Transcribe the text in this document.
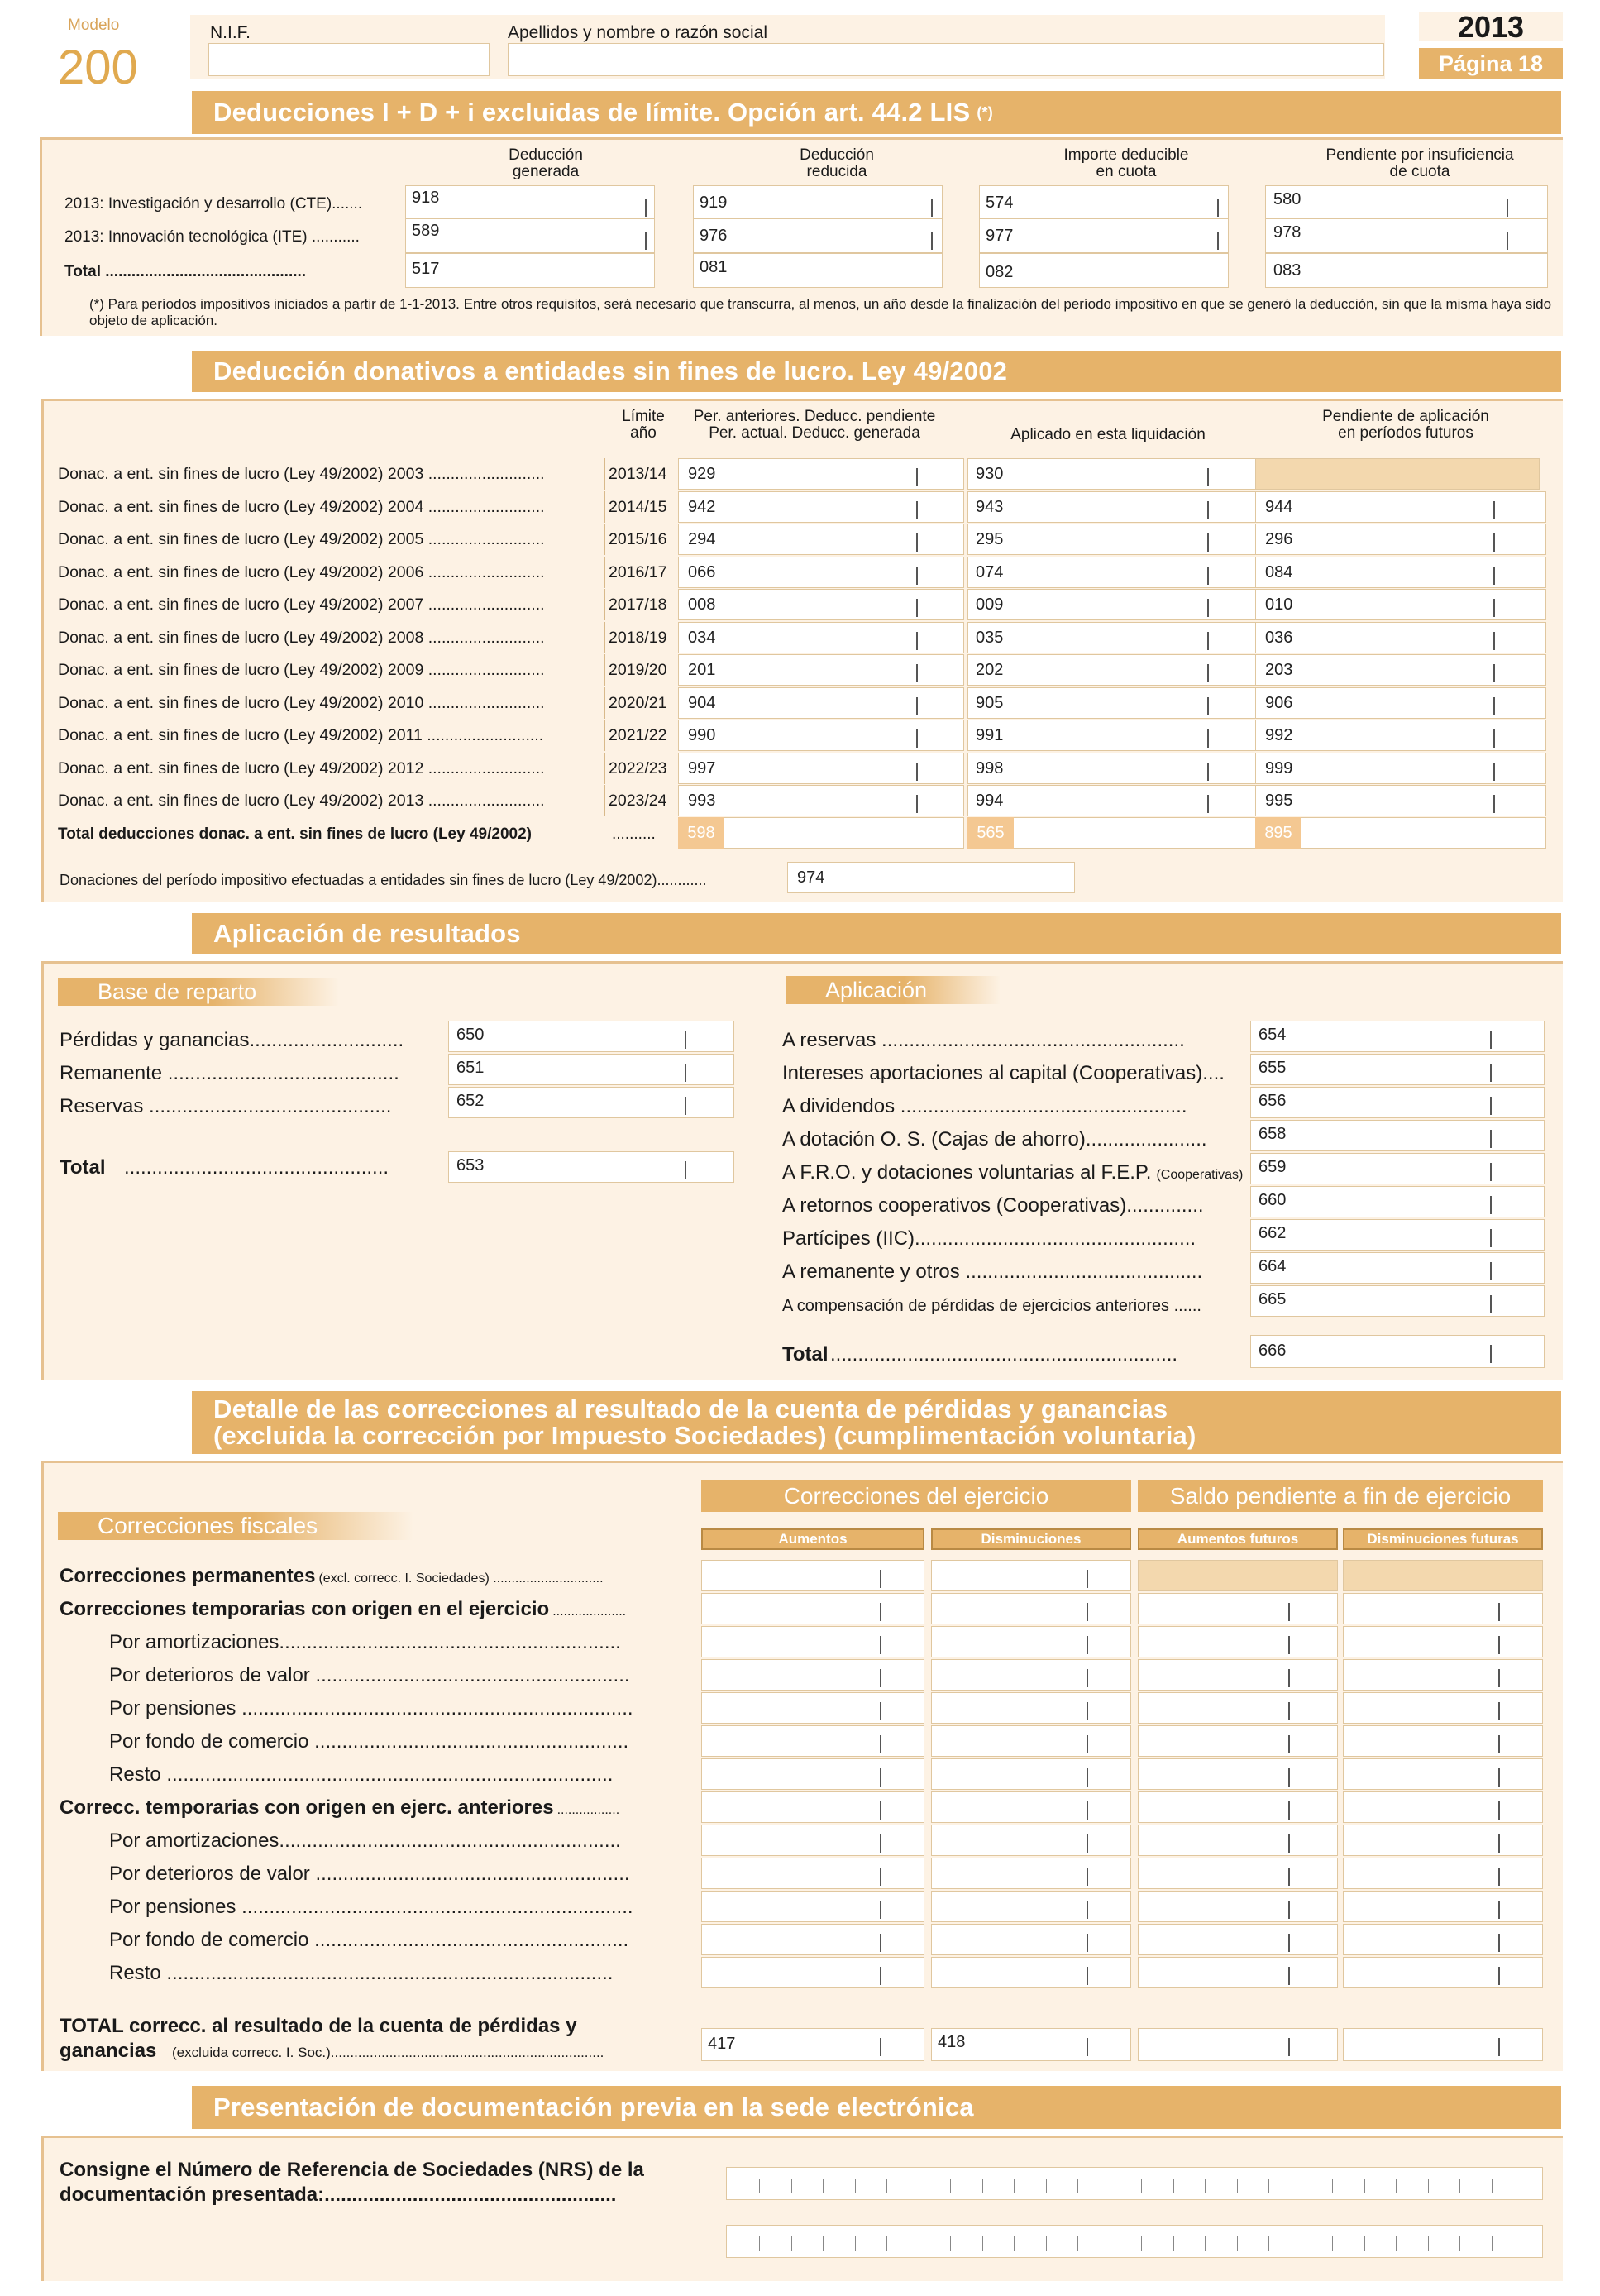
Modelo
200
N.I.F.	Apellidos y nombre o razón social	2013
Página 18
Deducciones I + D + i excluidas de límite. Opción art. 44.2 LIS (*)
Deducción
generada
Deducción
reducida
Importe deducible
en cuota
Pendiente por insuficiencia
de cuota
2013: Investigación y desarrollo (CTE).......	918	919	574	580
2013: Innovación tecnológica (ITE) ...........	589	976	977	978
Total ..............................................	517	081	082	083
(*) Para períodos impositivos iniciados a partir de 1-1-2013. Entre otros requisitos, será necesario que transcurra, al menos, un año desde la finalización del período impositivo en que se generó la deducción, sin que la misma haya sido objeto de aplicación.
Deducción donativos a entidades sin fines de lucro. Ley 49/2002
Límite
año
Per. anteriores. Deducc. pendiente
Per. actual. Deducc. generada	Aplicado en esta liquidación
Pendiente de aplicación
en períodos futuros
Donac. a ent. sin fines de lucro (Ley 49/2002) 2003 ..........................	2013/14 929	930
Donac. a ent. sin fines de lucro (Ley 49/2002) 2004 ..........................	2014/15 942	943	944
Donac. a ent. sin fines de lucro (Ley 49/2002) 2005 ..........................	2015/16 294	295	296
Donac. a ent. sin fines de lucro (Ley 49/2002) 2006 ..........................	2016/17 066	074	084
Donac. a ent. sin fines de lucro (Ley 49/2002) 2007 ..........................	2017/18 008	009	010
Donac. a ent. sin fines de lucro (Ley 49/2002) 2008 ..........................	2018/19 034	035	036
Donac. a ent. sin fines de lucro (Ley 49/2002) 2009 ..........................	2019/20 201	202	203
Donac. a ent. sin fines de lucro (Ley 49/2002) 2010 ..........................	2020/21 904	905	906
Donac. a ent. sin fines de lucro (Ley 49/2002) 2011 ..........................	2021/22 990	991	992
Donac. a ent. sin fines de lucro (Ley 49/2002) 2012 ..........................	2022/23 997	998	999
Donac. a ent. sin fines de lucro (Ley 49/2002) 2013 ..........................	2023/24 993	994	995
Total deducciones donac. a ent. sin fines de lucro (Ley 49/2002)	..........	598	565	895
Donaciones del período impositivo efectuadas a entidades sin fines de lucro (Ley 49/2002)............	974
Aplicación de resultados
Base de reparto	Aplicación
Pérdidas y ganancias............................	650
Remanente ..........................................	651
Reservas ............................................	652
A reservas .......................................................	654
Intereses aportaciones al capital (Cooperativas).... 655
A dividendos ....................................................	656
A dotación O. S. (Cajas de ahorro)......................	658
A F.R.O. y dotaciones voluntarias al F.E.P. (Cooperativas) 659
A retornos cooperativos (Cooperativas)..............	660
Partícipes (IIC)...................................................	662
A remanente y otros ...........................................	664
A compensación de pérdidas de ejercicios anteriores ......	665
Total ................................................	653
Total ...............................................................	666
Detalle de las correcciones al resultado de la cuenta de pérdidas y ganancias
(excluida la corrección por Impuesto Sociedades) (cumplimentación voluntaria)
Correcciones fiscales
Correcciones del ejercicio	Saldo pendiente a fin de ejercicio
Aumentos	Disminuciones	Aumentos futuros	Disminuciones futuras
Correcciones permanentes (excl. correcc. I. Sociedades) ..............................
Correcciones temporarias con origen en el ejercicio ....................
Por amortizaciones..............................................................
Por deterioros de valor .........................................................
Por pensiones .......................................................................
Por fondo de comercio .........................................................
Resto .................................................................................
Correcc. temporarias con origen en ejerc. anteriores .................
Por amortizaciones..............................................................
Por deterioros de valor .........................................................
Por pensiones .......................................................................
Por fondo de comercio .........................................................
Resto .................................................................................
TOTAL correcc. al resultado de la cuenta de pérdidas y
ganancias (excluida correcc. I. Soc.)......................................................................	417	418
Presentación de documentación previa en la sede electrónica
Consigne el Número de Referencia de Sociedades (NRS) de la
documentación presentada:.....................................................
